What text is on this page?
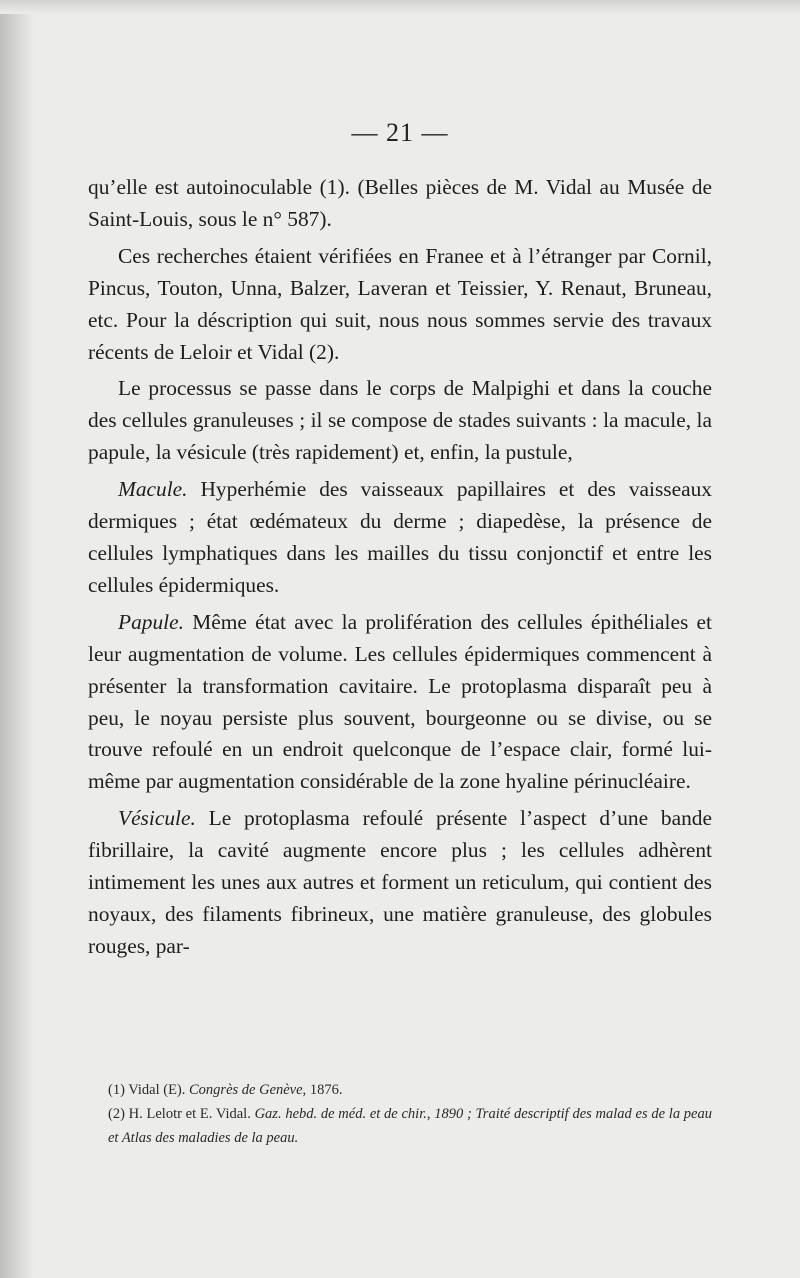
— 21 —

qu’elle est autoinoculable (1). (Belles pièces de M. Vidal au Musée de Saint-Louis, sous le n° 587).

Ces recherches étaient vérifiées en Franee et à l’étranger par Cornil, Pincus, Touton, Unna, Balzer, Laveran et Teissier, Y. Renaut, Bruneau, etc. Pour la déscription qui suit, nous nous sommes servie des travaux récents de Leloir et Vidal (2).

Le processus se passe dans le corps de Malpighi et dans la couche des cellules granuleuses ; il se compose de stades suivants : la macule, la papule, la vésicule (très rapidement) et, enfin, la pustule,

Macule. Hyperhémie des vaisseaux papillaires et des vaisseaux dermiques ; état œdémateux du derme ; diapedèse, la présence de cellules lymphatiques dans les mailles du tissu conjonctif et entre les cellules épidermiques.

Papule. Même état avec la prolifération des cellules épithéliales et leur augmentation de volume. Les cellules épidermiques commencent à présenter la transformation cavitaire. Le protoplasma disparaît peu à peu, le noyau persiste plus souvent, bourgeonne ou se divise, ou se trouve refoulé en un endroit quelconque de l’espace clair, formé lui-même par augmentation considérable de la zone hyaline périnucléaire.

Vésicule. Le protoplasma refoulé présente l’aspect d’une bande fibrillaire, la cavité augmente encore plus ; les cellules adhèrent intimement les unes aux autres et forment un reticulum, qui contient des noyaux, des filaments fibrineux, une matière granuleuse, des globules rouges, par-

(1) Vidal (E). Congrès de Genève, 1876.

(2) H. Lelotr et E. Vidal. Gaz. hebd. de méd. et de chir., 1890 ; Traité descriptif des malad es de la peau et Atlas des maladies de la peau.
